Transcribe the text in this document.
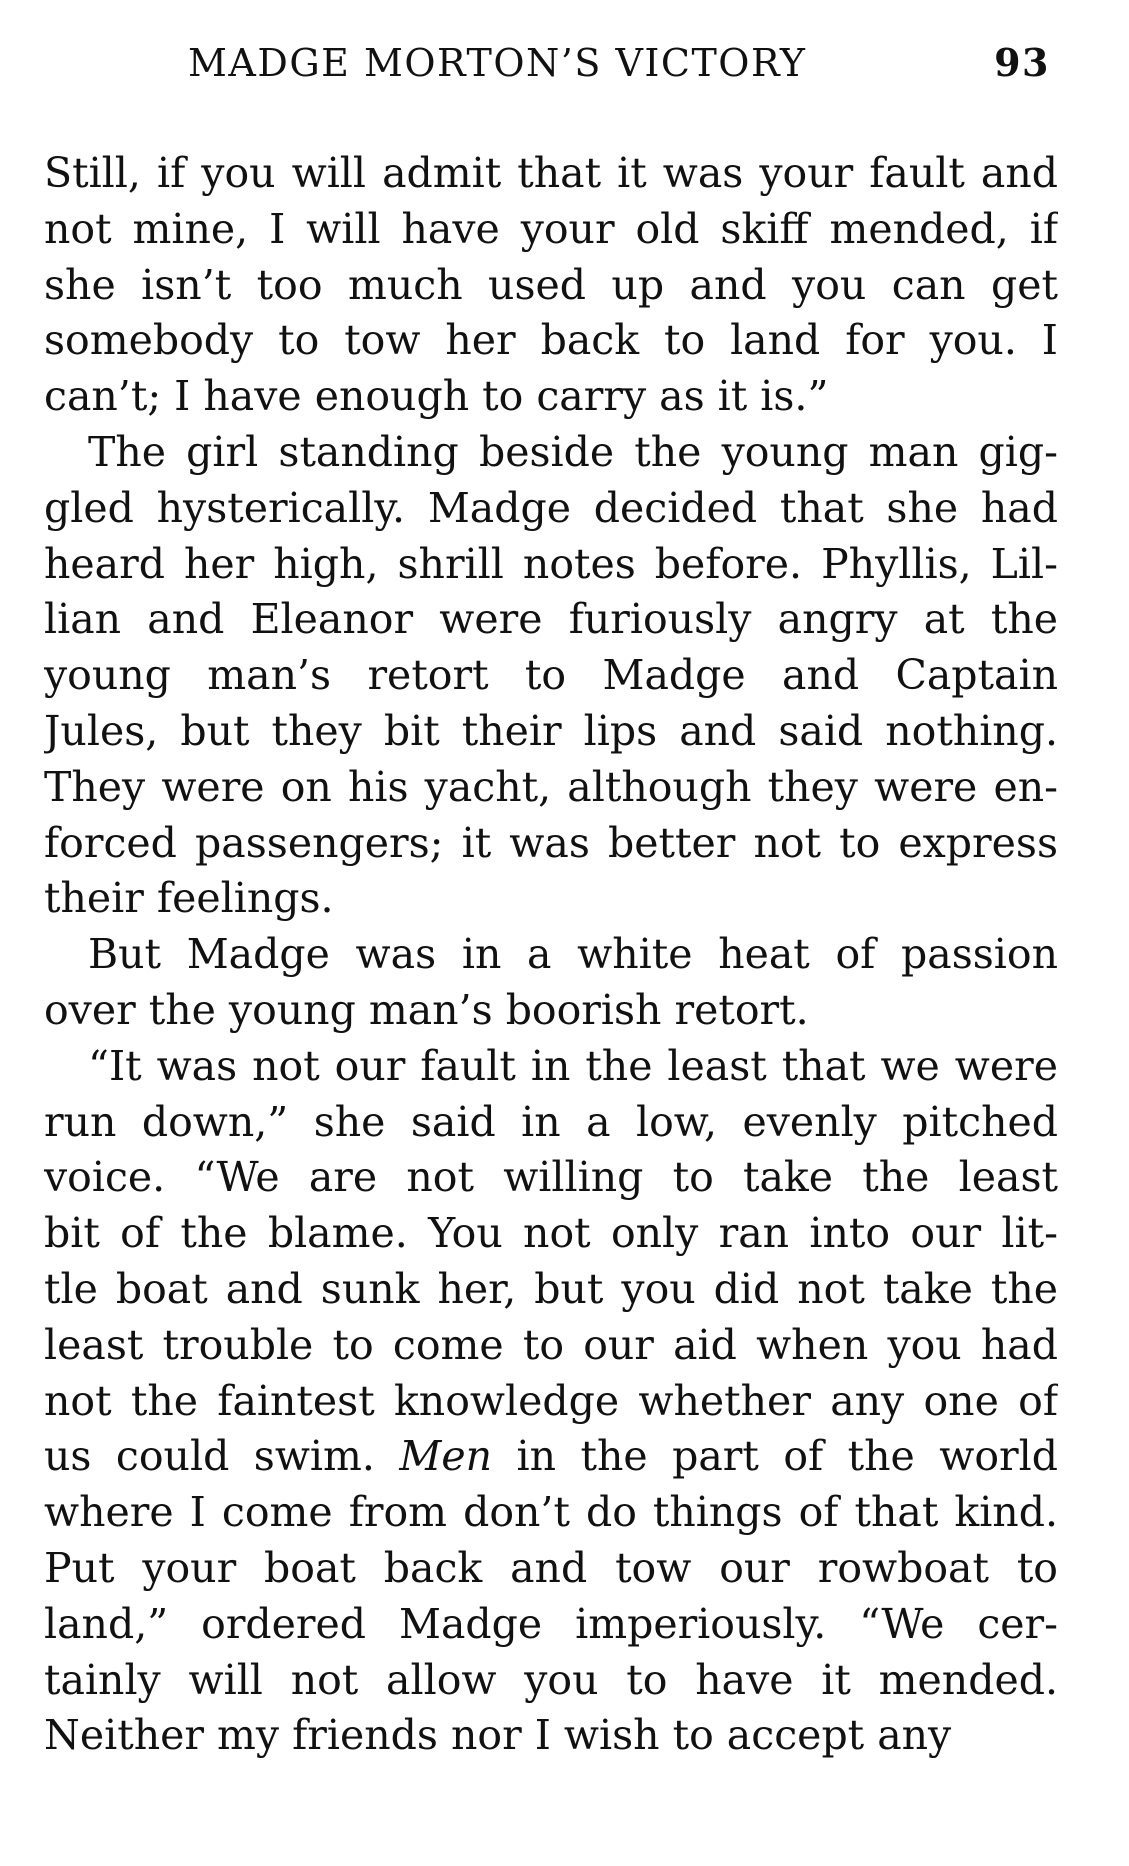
MADGE MORTON’S VICTORY	93
Still, if you will admit that it was your fault and
not mine, I will have your old skiff mended, if
she isn’t too much used up and you can get
somebody to tow her back to land for you. I
can’t; I have enough to carry as it is.”
The girl standing beside the young man gig-
gled hysterically. Madge decided that she had
heard her high, shrill notes before. Phyllis, Lil-
lian and Eleanor were furiously angry at the
young man’s retort to Madge and Captain
Jules, but they bit their lips and said nothing.
They were on his yacht, although they were en-
forced passengers; it was better not to express
their feelings.
But Madge was in a white heat of passion
over the young man’s boorish retort.
“It was not our fault in the least that we were
run down,” she said in a low, evenly pitched
voice. “We are not willing to take the least
bit of the blame. You not only ran into our lit-
tle boat and sunk her, but you did not take the
least trouble to come to our aid when you had
not the faintest knowledge whether any one of
us could swim. Men in the part of the world
where I come from don’t do things of that kind.
Put your boat back and tow our rowboat to
land,” ordered Madge imperiously. “We cer-
tainly will not allow you to have it mended.
Neither my friends nor I wish to accept any
